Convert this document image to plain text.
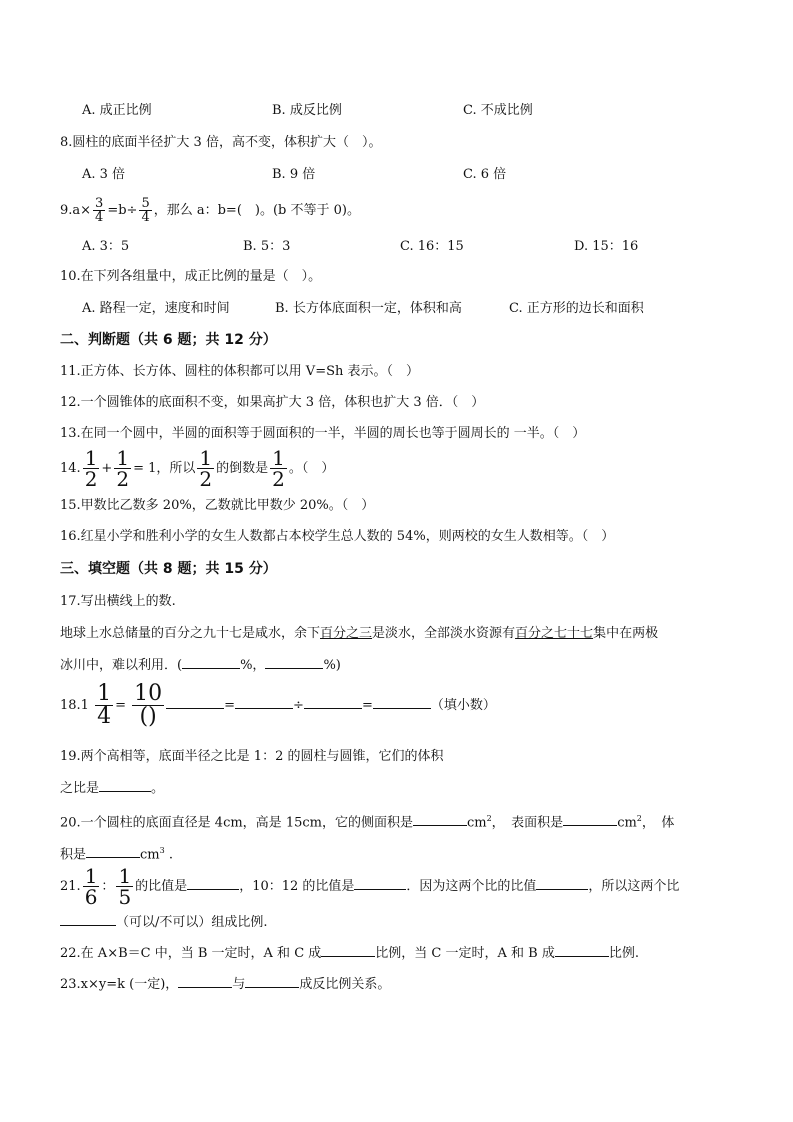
A. 成正比例	B. 成反比例	C. 不成比例
8.圆柱的底面半径扩大 3 倍，高不变，体积扩大（　）。
A. 3 倍	B. 9 倍	C. 6 倍
$9.a\times \frac{3}{4} =b\div \frac{5}{4}$ ，那么 a：b=(　)。(b 不等于 0)。
A. 3：5	B. 5：3	C. 16：15	D. 15：16
10.在下列各组量中，成正比例的量是（　）。
A. 路程一定，速度和时间	B. 长方体底面积一定，体积和高	C. 正方形的边长和面积
二、判断题（共 6 题；共 12 分）
11.正方体、长方体、圆柱的体积都可以用 V=Sh 表示。（　）
12.一个圆锥体的底面积不变，如果高扩大 3 倍，体积也扩大 3 倍．（　）
13.在同一个圆中，半圆的面积等于圆面积的一半，半圆的周长也等于圆周长的 一半。（　）
14. $\frac{1}{2} + \frac{1}{2} = 1$，所以 $\frac{1}{2}$ 的倒数是 $\frac{1}{2}$ 。（　）
15.甲数比乙数多 20%，乙数就比甲数少 20%。（　）
16.红星小学和胜利小学的女生人数都占本校学生总人数的 54%，则两校的女生人数相等。（　）
三、填空题（共 8 题；共 15 分）
17.写出横线上的数.
地球上水总储量的百分之九十七是咸水，余下百分之三是淡水，全部淡水资源有百分之七十七集中在两极
冰川中，难以利用．(	%，	%)
$18.1 \frac{1}{4} = \frac{10}{()}$	=	÷	=	（填小数）
19.两个高相等，底面半径之比是 1：2 的圆柱与圆锥，它们的体积
之比是	。
20.一个圆柱的底面直径是 4cm，高是 15cm，它的侧面积是	$cm^2$，　表面积是	$cm^2$，　体
积是	$cm^3$ .
21. $\frac{1}{6}$ ： $\frac{1}{5}$ 的比值是	，10：12 的比值是	．因为这两个比的比值	，所以这两个比
（可以/不可以）组成比例.
22.在 A×B＝C 中，当 B 一定时，A 和 C 成	比例，当 C 一定时，A 和 B 成	比例.
23.x×y=k (一定)，	与	成反比例关系。
